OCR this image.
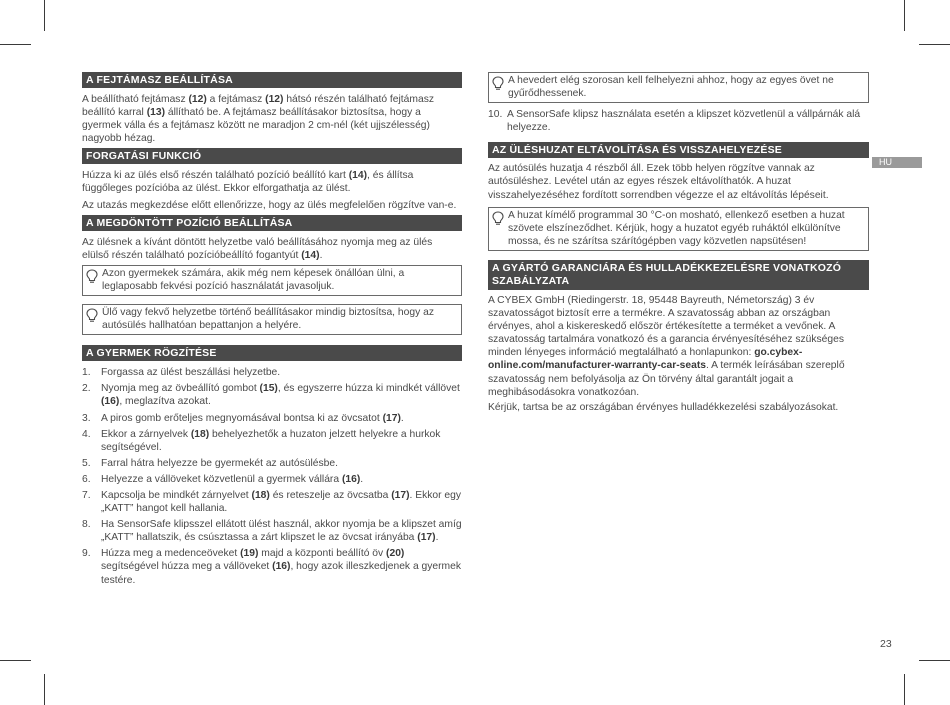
A FEJTÁMASZ BEÁLLÍTÁSA

A beállítható fejtámasz (12) a fejtámasz (12) hátsó részén található fejtámasz beállító karral (13) állítható be. A fejtámasz beállításakor biztosítsa, hogy a gyermek válla és a fejtámasz között ne maradjon 2 cm-nél (két ujjszélesség) nagyobb hézag.

FORGATÁSI FUNKCIÓ

Húzza ki az ülés első részén található pozíció beállító kart (14), és állítsa függőleges pozícióba az ülést. Ekkor elforgathatja az ülést.

Az utazás megkezdése előtt ellenőrizze, hogy az ülés megfelelően rögzítve van-e.

A MEGDÖNTÖTT POZÍCIÓ BEÁLLÍTÁSA

Az ülésnek a kívánt döntött helyzetbe való beállításához nyomja meg az ülés elülső részén található pozícióbeállító fogantyút (14).

Azon gyermekek számára, akik még nem képesek önállóan ülni, a leglaposabb fekvési pozíció használatát javasoljuk.
Ülő vagy fekvő helyzetbe történő beállításakor mindig biztosítsa, hogy az autósülés hallhatóan bepattanjon a helyére.
A GYERMEK RÖGZÍTÉSE
1. Forgassa az ülést beszállási helyzetbe.
2. Nyomja meg az övbeállító gombot (15), és egyszerre húzza ki mindkét vállövet (16), meglazítva azokat.
3. A piros gomb erőteljes megnyomásával bontsa ki az övcsatot (17).
4. Ekkor a zárnyelvek (18) behelyezhetők a huzaton jelzett helyekre a hurkok segítségével.
5. Farral hátra helyezze be gyermekét az autósülésbe.
6. Helyezze a vállöveket közvetlenül a gyermek vállára (16).
7. Kapcsolja be mindkét zárnyelvet (18) és reteszelje az övcsatba (17). Ekkor egy „KATT” hangot kell hallania.
8. Ha SensorSafe klipsszel ellátott ülést használ, akkor nyomja be a klipszet amíg „KATT” hallatszik, és csúsztassa a zárt klipszet le az övcsat irányába (17).
9. Húzza meg a medenceöveket (19) majd a központi beállító öv (20) segítségével húzza meg a vállöveket (16), hogy azok illeszkedjenek a gyermek testére.
A hevedert elég szorosan kell felhelyezni ahhoz, hogy az egyes övet ne gyűrődhessenek.
10. A SensorSafe klipsz használata esetén a klipszet közvetlenül a vállpárnák alá helyezze.
AZ ÜLÉSHUZAT ELTÁVOLÍTÁSA ÉS VISSZAHELYEZÉSE

Az autósülés huzatja 4 részből áll. Ezek több helyen rögzítve vannak az autósüléshez. Levétel után az egyes részek eltávolíthatók. A huzat visszahelyezéséhez fordított sorrendben végezze el az eltávolítás lépéseit.

A huzat kímélő programmal 30 °C-on mosható, ellenkező esetben a huzat szövete elszíneződhet. Kérjük, hogy a huzatot egyéb ruháktól elkülönítve mossa, és ne szárítsa szárítógépben vagy közvetlen napsütésen!
A GYÁRTÓ GARANCIÁRA ÉS HULLADÉKKEZELÉSRE VONATKOZÓ
SZABÁLYZATA

A CYBEX GmbH (Riedingerstr. 18, 95448 Bayreuth, Németország) 3 év szavatosságot biztosít erre a termékre. A szavatosság abban az országban érvényes, ahol a kiskereskedő először értékesítette a terméket a vevőnek. A szavatosság tartalmára vonatkozó és a garancia érvényesítéséhez szükséges minden lényeges információ megtalálható a honlapunkon: go.cybex-online.com/manufacturer-warranty-car-seats. A termék leírásában szereplő szavatosság nem befolyásolja az Ön törvény által garantált jogait a meghibásodásokra vonatkozóan.

Kérjük, tartsa be az országában érvényes hulladékkezelési szabályozásokat.

HU
23
